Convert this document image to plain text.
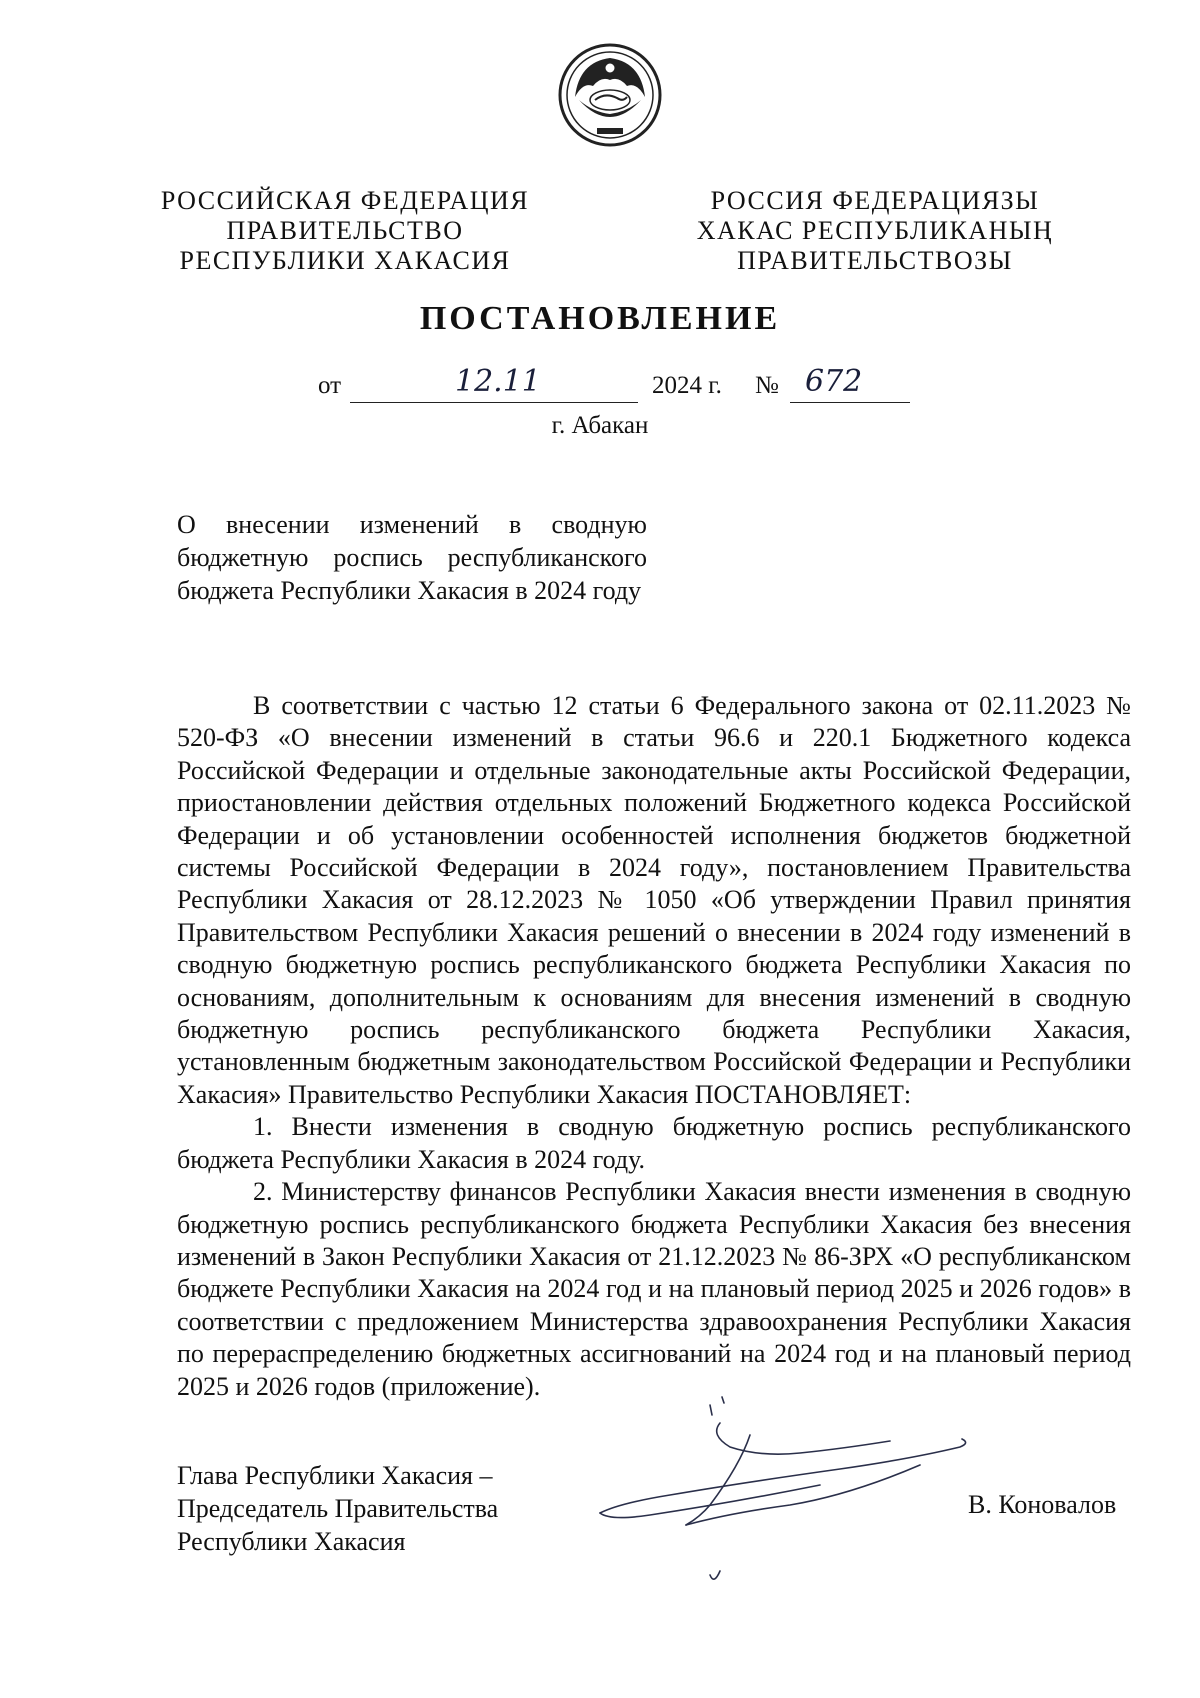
РОССИЙСКАЯ ФЕДЕРАЦИЯ
ПРАВИТЕЛЬСТВО
РЕСПУБЛИКИ ХАКАСИЯ
РОССИЯ ФЕДЕРАЦИЯЗЫ
ХАКАС РЕСПУБЛИКАНЫҢ
ПРАВИТЕЛЬСТВОЗЫ
ПОСТАНОВЛЕНИЕ
от	12.11	2024 г. № 672
г. Абакан
О внесении изменений в сводную бюджетную роспись республиканского бюджета Республики Хакасия в 2024 году

В соответствии с частью 12 статьи 6 Федерального закона от 02.11.2023 № 520-ФЗ «О внесении изменений в статьи 96.6 и 220.1 Бюджетного кодекса Российской Федерации и отдельные законодательные акты Российской Федерации, приостановлении действия отдельных положений Бюджетного кодекса Российской Федерации и об установлении особенностей исполнения бюджетов бюджетной системы Российской Федерации в 2024 году», постановлением Правительства Республики Хакасия от 28.12.2023 № 1050 «Об утверждении Правил принятия Правительством Республики Хакасия решений о внесении в 2024 году изменений в сводную бюджетную роспись республиканского бюджета Республики Хакасия по основаниям, дополнительным к основаниям для внесения изменений в сводную бюджетную роспись республиканского бюджета Республики Хакасия, установленным бюджетным законодательством Российской Федерации и Республики Хакасия» Правительство Республики Хакасия ПОСТАНОВЛЯЕТ:

1. Внести изменения в сводную бюджетную роспись республиканского бюджета Республики Хакасия в 2024 году.

2. Министерству финансов Республики Хакасия внести изменения в сводную бюджетную роспись республиканского бюджета Республики Хакасия без внесения изменений в Закон Республики Хакасия от 21.12.2023 № 86-ЗРХ «О республиканском бюджете Республики Хакасия на 2024 год и на плановый период 2025 и 2026 годов» в соответствии с предложением Министерства здравоохранения Республики Хакасия по перераспределению бюджетных ассигнований на 2024 год и на плановый период 2025 и 2026 годов (приложение).

Глава Республики Хакасия –
Председатель Правительства
Республики Хакасия
В. Коновалов
